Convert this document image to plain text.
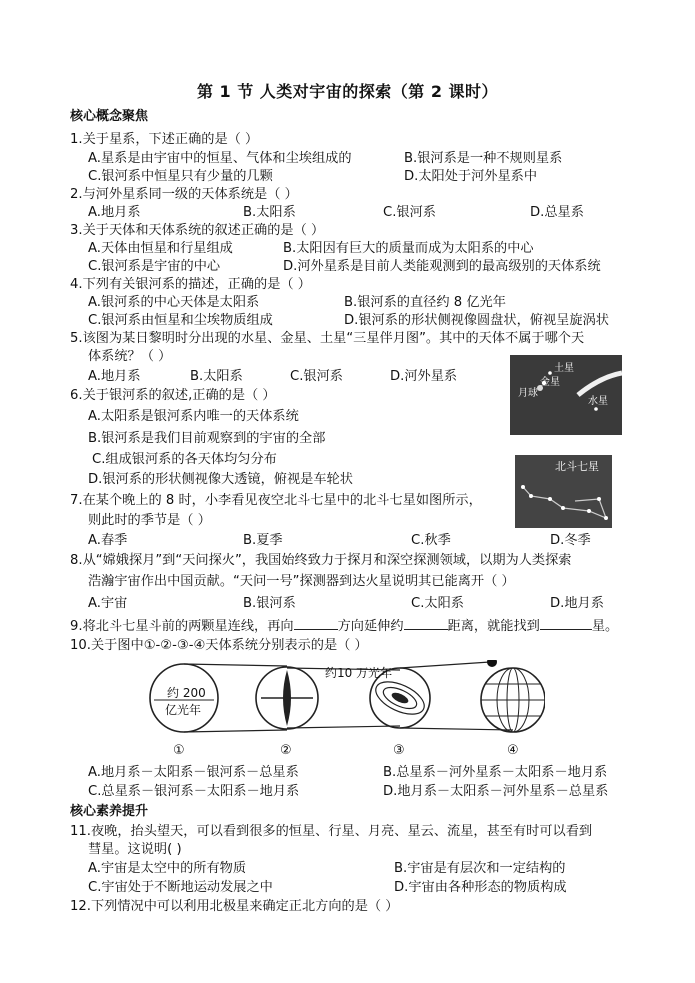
第 1 节 人类对宇宙的探索（第 2 课时）
核心概念聚焦
1.关于星系，下述正确的是（ ）
A.星系是由宇宙中的恒星、气体和尘埃组成的	B.银河系是一种不规则星系
C.银河系中恒星只有少量的几颗	D.太阳处于河外星系中
2.与河外星系同一级的天体系统是（ ）
A.地月系	B.太阳系	C.银河系	D.总星系
3.关于天体和天体系统的叙述正确的是（ ）
A.天体由恒星和行星组成	B.太阳因有巨大的质量而成为太阳系的中心
C.银河系是宇宙的中心	D.河外星系是目前人类能观测到的最高级别的天体系统
4.下列有关银河系的描述，正确的是（ ）
A.银河系的中心天体是太阳系	B.银河系的直径约 8 亿光年
C.银河系由恒星和尘埃物质组成	D.银河系的形状侧视像圆盘状，俯视呈旋涡状
5.该图为某日黎明时分出现的水星、金星、土星“三星伴月图”。其中的天体不属于哪个天
体系统？（ ）
A.地月系	B.太阳系	C.银河系	D.河外星系
土星
金星
月球
水星
6.关于银河系的叙述,正确的是（ ）
A.太阳系是银河系内唯一的天体系统
B.银河系是我们目前观察到的宇宙的全部
C.组成银河系的各天体均匀分布
D.银河系的形状侧视像大透镜，俯视是车轮状
北斗七星
7.在某个晚上的 8 时，小李看见夜空北斗七星中的北斗七星如图所示，
则此时的季节是（ ）
A.春季	B.夏季	C.秋季	D.冬季
8.从“嫦娥探月”到“天问探火”，我国始终致力于探月和深空探测领域，以期为人类探索
浩瀚宇宙作出中国贡献。“天问一号”探测器到达火星说明其已能离开（ ）
A.宇宙	B.银河系	C.太阳系	D.地月系
9.将北斗七星斗前的两颗星连线，再向	方向延伸约	距离，就能找到	星。
10.关于图中①-②-③-④天体系统分别表示的是（ ）
约 200
亿光年
约10 万光年
①	②	③	④
A.地月系－太阳系－银河系－总星系	B.总星系－河外星系－太阳系－地月系
C.总星系－银河系－太阳系－地月系	D.地月系－太阳系－河外星系－总星系
核心素养提升
11.夜晚，抬头望天，可以看到很多的恒星、行星、月亮、星云、流星，甚至有时可以看到
彗星。这说明( )
A.宇宙是太空中的所有物质	B.宇宙是有层次和一定结构的
C.宇宙处于不断地运动发展之中	D.宇宙由各种形态的物质构成
12.下列情况中可以利用北极星来确定正北方向的是（ ）
